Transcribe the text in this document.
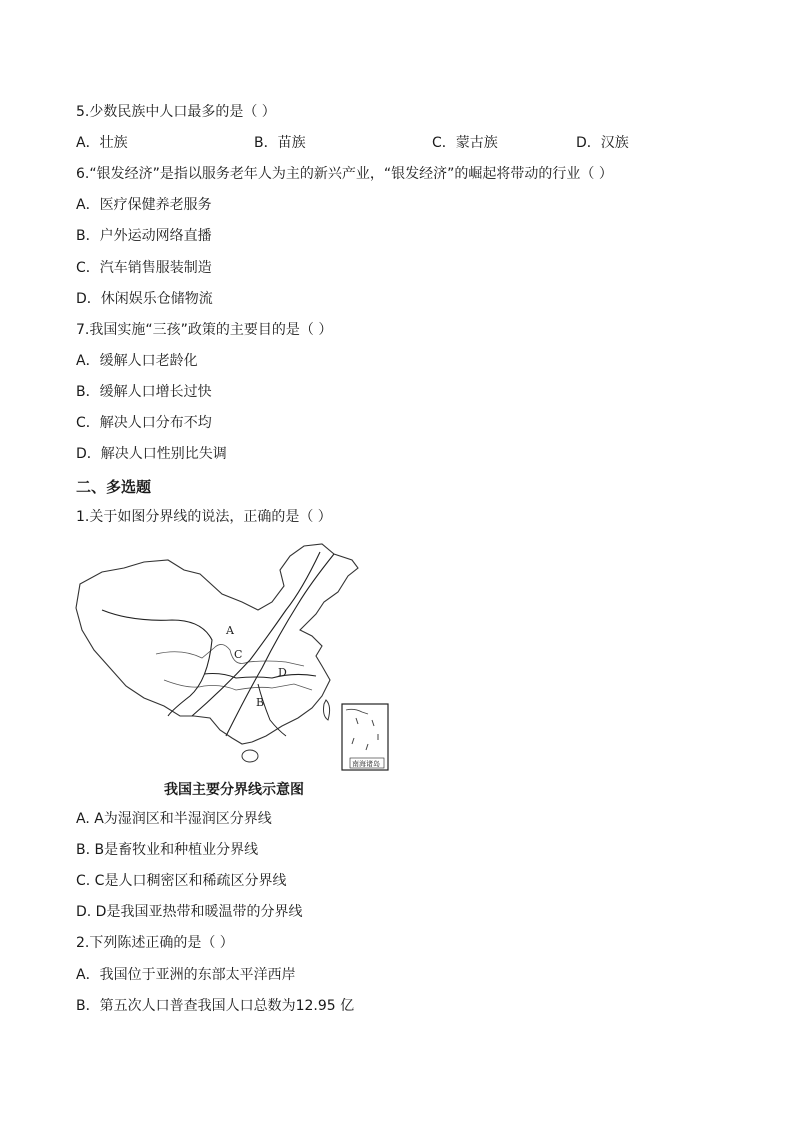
5.少数民族中人口最多的是（ ）
A．壮族	B．苗族	C．蒙古族	D．汉族
6.“银发经济”是指以服务老年人为主的新兴产业，“银发经济”的崛起将带动的行业（ ）
A．医疗保健养老服务
B．户外运动网络直播
C．汽车销售服装制造
D．休闲娱乐仓储物流
7.我国实施“三孩”政策的主要目的是（ ）
A．缓解人口老龄化
B．缓解人口增长过快
C．解决人口分布不均
D．解决人口性别比失调
二、多选题
1.关于如图分界线的说法，正确的是（ ）
A
C
D
B
南海诸岛
我国主要分界线示意图
A. A为湿润区和半湿润区分界线
B. B是畜牧业和种植业分界线
C. C是人口稠密区和稀疏区分界线
D. D是我国亚热带和暖温带的分界线
2.下列陈述正确的是（ ）
A．我国位于亚洲的东部太平洋西岸
B．第五次人口普查我国人口总数为12.95 亿
